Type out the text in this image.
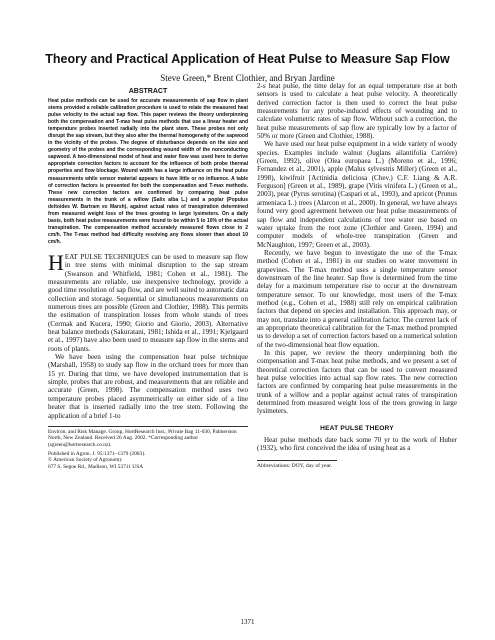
Theory and Practical Application of Heat Pulse to Measure Sap Flow
Steve Green,* Brent Clothier, and Bryan Jardine
ABSTRACT

Heat pulse methods can be used for accurate measurements of sap flow in plant stems provided a reliable calibration procedure is used to relate the measured heat pulse velocity to the actual sap flow. This paper reviews the theory underpinning both the compensation and T-max heat pulse methods that use a linear heater and temperature probes inserted radially into the plant stem. These probes not only disrupt the sap stream, but they also alter the thermal homogeneity of the sapwood in the vicinity of the probes. The degree of disturbance depends on the size and geometry of the probes and the corresponding wound width of the nonconducting sapwood. A two-dimensional model of heat and water flow was used here to derive appropriate correction factors to account for the influence of both probe thermal properties and flow blockage. Wound width has a large influence on the heat pulse measurements while sensor material appears to have little or no influence. A table of correction factors is presented for both the compensation and T-max methods. These new correction factors are confirmed by comparing heat pulse measurements in the trunk of a willow (Salix alba L.) and a poplar (Populus deltoides W. Bartram ex Marsh), against actual rates of transpiration determined from measured weight loss of the trees growing in large lysimeters. On a daily basis, both heat pulse measurements were found to be within 5 to 10% of the actual transpiration. The compensation method accurately measured flows close to 2 cm/h. The T-max method had difficulty resolving any flows slower than about 10 cm/h.

HEAT PULSE TECHNIQUES can be used to measure sap flow in tree stems with minimal disruption to the sap stream (Swanson and Whitfield, 1981; Cohen et al., 1981). The measurements are reliable, use inexpensive technology, provide a good time resolution of sap flow, and are well suited to automatic data collection and storage. Sequential or simultaneous measurements on numerous trees are possible (Green and Clothier, 1988). This permits the estimation of transpiration losses from whole stands of trees (Cermak and Kucera, 1990; Giorio and Giorio, 2003). Alternative heat balance methods (Sakuratani, 1981; Ishida et al., 1991; Kjelgaard et al., 1997) have also been used to measure sap flow in the stems and roots of plants.

We have been using the compensation heat pulse technique (Marshall, 1958) to study sap flow in the orchard trees for more than 15 yr. During that time, we have developed instrumentation that is simple, probes that are robust, and measurements that are reliable and accurate (Green, 1998). The compensation method uses two temperature probes placed asymmetrically on either side of a line heater that is inserted radially into the tree stem. Following the application of a brief 1-to

Environ. and Risk Manage. Group, HortResearch Inst., Private Bag 11-030, Palmerston North, New Zealand. Received 26 Aug. 2002. *Corresponding author (sgreen@hortresearch.co.nz).

Published in Agron. J. 95:1371–1379 (2003).

© American Society of Agronomy

677 S. Segoe Rd., Madison, WI 53711 USA

2-s heat pulse, the time delay for an equal temperature rise at both sensors is used to calculate a heat pulse velocity. A theoretically derived correction factor is then used to correct the heat pulse measurements for any probe-induced effects of wounding and to calculate volumetric rates of sap flow. Without such a correction, the heat pulse measurements of sap flow are typically low by a factor of 50% or more (Green and Clothier, 1988).

We have used our heat pulse equipment in a wide variety of woody species. Examples include walnut (Juglans ailantifolia Carrière) (Green, 1992), olive (Olea europaea L.) (Moreno et al., 1996; Fernandez et al., 2001), apple (Malus sylvestris Miller) (Green et al., 1998), kiwifruit [Actinidia deliciosa (Chev.) C.F. Liang & A.R. Ferguson] (Green et al., 1989), grape (Vitis vinifera L.) (Green et al., 2003), pear (Pyrus serotina) (Caspari et al., 1993), and apricot (Prunus armeniaca L.) trees (Alarcon et al., 2000). In general, we have always found very good agreement between our heat pulse measurements of sap flow and independent calculations of tree water use based on water uptake from the root zone (Clothier and Green, 1994) and computer models of whole-tree transpiration (Green and McNaughton, 1997; Green et al., 2003).

Recently, we have begun to investigate the use of the T-max method (Cohen et al., 1981) in our studies on water movement in grapevines. The T-max method uses a single temperature sensor downstream of the line heater. Sap flow is determined from the time delay for a maximum temperature rise to occur at the downstream temperature sensor. To our knowledge, most users of the T-max method (e.g., Cohen et al., 1988) still rely on empirical calibration factors that depend on species and installation. This approach may, or may not, translate into a general calibration factor. The current lack of an appropriate theoretical calibration for the T-max method prompted us to develop a set of correction factors based on a numerical solution of the two-dimensional heat flow equation.

In this paper, we review the theory underpinning both the compensation and T-max heat pulse methods, and we present a set of theoretical correction factors that can be used to convert measured heat pulse velocities into actual sap flow rates. The new correction factors are confirmed by comparing heat pulse measurements in the trunk of a willow and a poplar against actual rates of transpiration determined from measured weight loss of the trees growing in large lysimeters.

HEAT PULSE THEORY

Heat pulse methods date back some 70 yr to the work of Huber (1932), who first conceived the idea of using heat as a

Abbreviations: DOY, day of year.

1371
